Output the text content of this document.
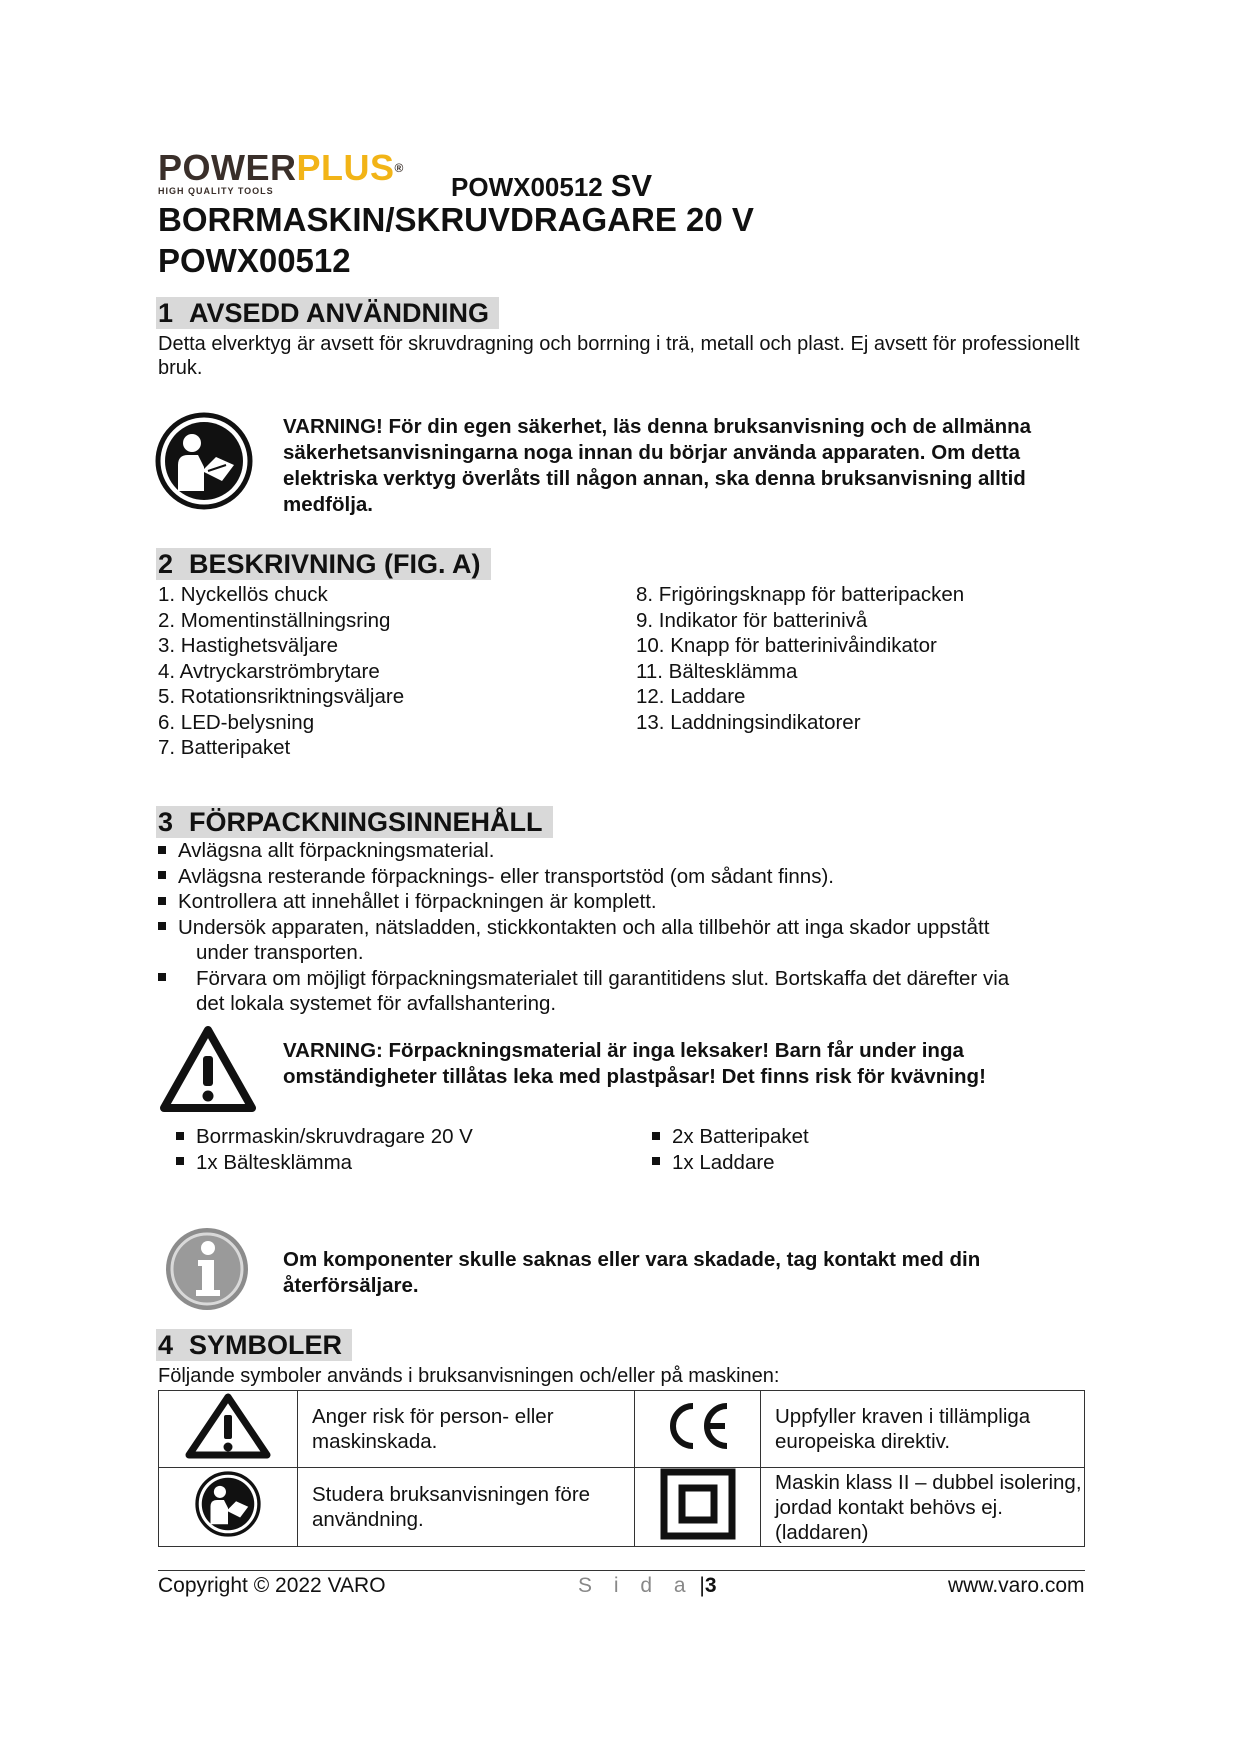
POWERPLUS®
HIGH QUALITY TOOLS	POWX00512 SV
BORRMASKIN/SKRUVDRAGARE 20 V
POWX00512
1 AVSEDD ANVÄNDNING
Detta elverktyg är avsett för skruvdragning och borrning i trä, metall och plast. Ej avsett för professionellt bruk.
VARNING! För din egen säkerhet, läs denna bruksanvisning och de allmänna säkerhetsanvisningarna noga innan du börjar använda apparaten. Om detta elektriska verktyg överlåts till någon annan, ska denna bruksanvisning alltid medfölja.
2 BESKRIVNING (FIG. A)
1. Nyckellös chuck
2. Momentinställningsring
3. Hastighetsväljare
4. Avtryckarströmbrytare
5. Rotationsriktningsväljare
6. LED-belysning
7. Batteripaket
8. Frigöringsknapp för batteripacken
9. Indikator för batterinivå
10. Knapp för batterinivåindikator
11. Bälteskläm​ma
12. Laddare
13. Laddningsindikatorer
3 FÖRPACKNINGSINNEHÅLL
Avlägsna allt förpackningsmaterial.
Avlägsna resterande förpacknings- eller transportstöd (om sådant finns).
Kontrollera att innehållet i förpackningen är komplett.
Undersök apparaten, nätsladden, stickkontakten och alla tillbehör att inga skador uppstått
under transporten.
Förvara om möjligt förpackningsmaterialet till garantitidens slut. Bortskaffa det därefter via
det lokala systemet för avfallshantering.
VARNING: Förpackningsmaterial är inga leksaker! Barn får under inga omständigheter tillåtas leka med plastpåsar! Det finns risk för kvävning!
Borrmaskin/skruvdragare 20 V
1x Bälteskläm​ma
2x Batteripaket
1x Laddare
Om komponenter skulle saknas eller vara skadade, tag kontakt med din återförsäljare.
4 SYMBOLER
Följande symboler används i bruksanvisningen och/eller på maskinen:
	Anger risk för person- eller maskinskada.		Uppfyller kraven i tillämpliga europeiska direktiv.
	Studera bruksanvisningen före användning.		Maskin klass II – dubbel isolering, jordad kontakt behövs ej. (laddaren)
Copyright © 2022 VARO	S i d a |3	www.varo.com
